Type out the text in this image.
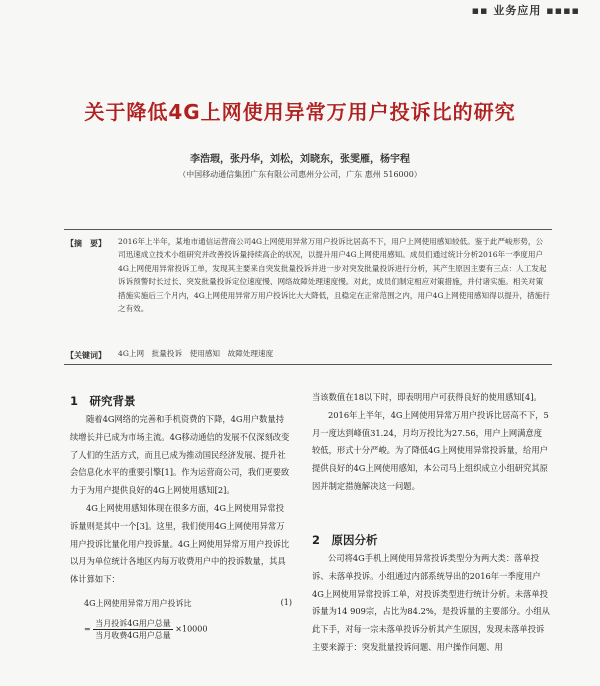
▪▪ 业务应用 ▪▪▪▪
关于降低4G上网使用异常万用户投诉比的研究
李浩瑕，张丹华，刘松，刘晓东，张雯雁，杨宇程
（中国移动通信集团广东有限公司惠州分公司，广东 惠州 516000）
【摘　要】 2016年上半年，某地市通信运营商公司4G上网使用异常万用户投诉比居高不下，用户上网使用感知较低。鉴于此严峻形势，公司迅速成立技术小组研究并改善投诉量持续高企的状况，以提升用户4G上网使用感知。成员们通过统计分析2016年一季度用户4G上网使用异常投诉工单，发现其主要来自突发批量投诉并进一步对突发批量投诉进行分析，其产生原因主要有三点：人工发起诉诉预警时长过长、突发批量投诉定位速度慢、网络故障处理速度慢。对此，成员们制定相应对策措施，并付诸实施。相关对策措施实施后三个月内，4G上网使用异常万用户投诉比大大降低，且稳定在正常范围之内，用户4G上网使用感知得以提升，措施行之有效。
【关键词】 4G上网　批量投诉　使用感知　故障处理速度
1　研究背景

随着4G网络的完善和手机资费的下降，4G用户数量持续增长并已成为市场主流。4G移动通信的发展不仅深刻改变了人们的生活方式，而且已成为推动国民经济发展、提升社会信息化水平的重要引擎[1]。作为运营商公司，我们更要致力于为用户提供良好的4G上网使用感知[2]。

4G上网使用感知体现在很多方面，4G上网使用异常投诉量则是其中一个[3]。这里，我们使用4G上网使用异常万用户投诉比量化用户投诉量。4G上网使用异常万用户投诉比以月为单位统计各地区内每万收费用户中的投诉数量，其具体计算如下：

4G上网使用异常万用户投诉比	(1)
= $\frac{\text{当月投诉4G用户总量}}{\text{当月收费4G用户总量}} \times 10000$

当该数值在18以下时，即表明用户可获得良好的使用感知[4]。

2016年上半年，4G上网使用异常万用户投诉比居高不下，5月一度达到峰值31.24，月均万投比为27.56，用户上网满意度较低，形式十分严峻。为了降低4G上网使用异常投诉量，给用户提供良好的4G上网使用感知，本公司马上组织成立小组研究其原因并制定措施解决这一问题。

2　原因分析

公司将4G手机上网使用异常投诉类型分为两大类：落单投诉、未落单投诉。小组通过内部系统导出的2016年一季度用户4G上网使用异常投诉工单，对投诉类型进行统计分析。未落单投诉量为14 909宗，占比为84.2%，是投诉量的主要部分。小组从此下手，对每一宗未落单投诉分析其产生原因，发现未落单投诉主要来源于：突发批量投诉问题、用户操作问题、用
